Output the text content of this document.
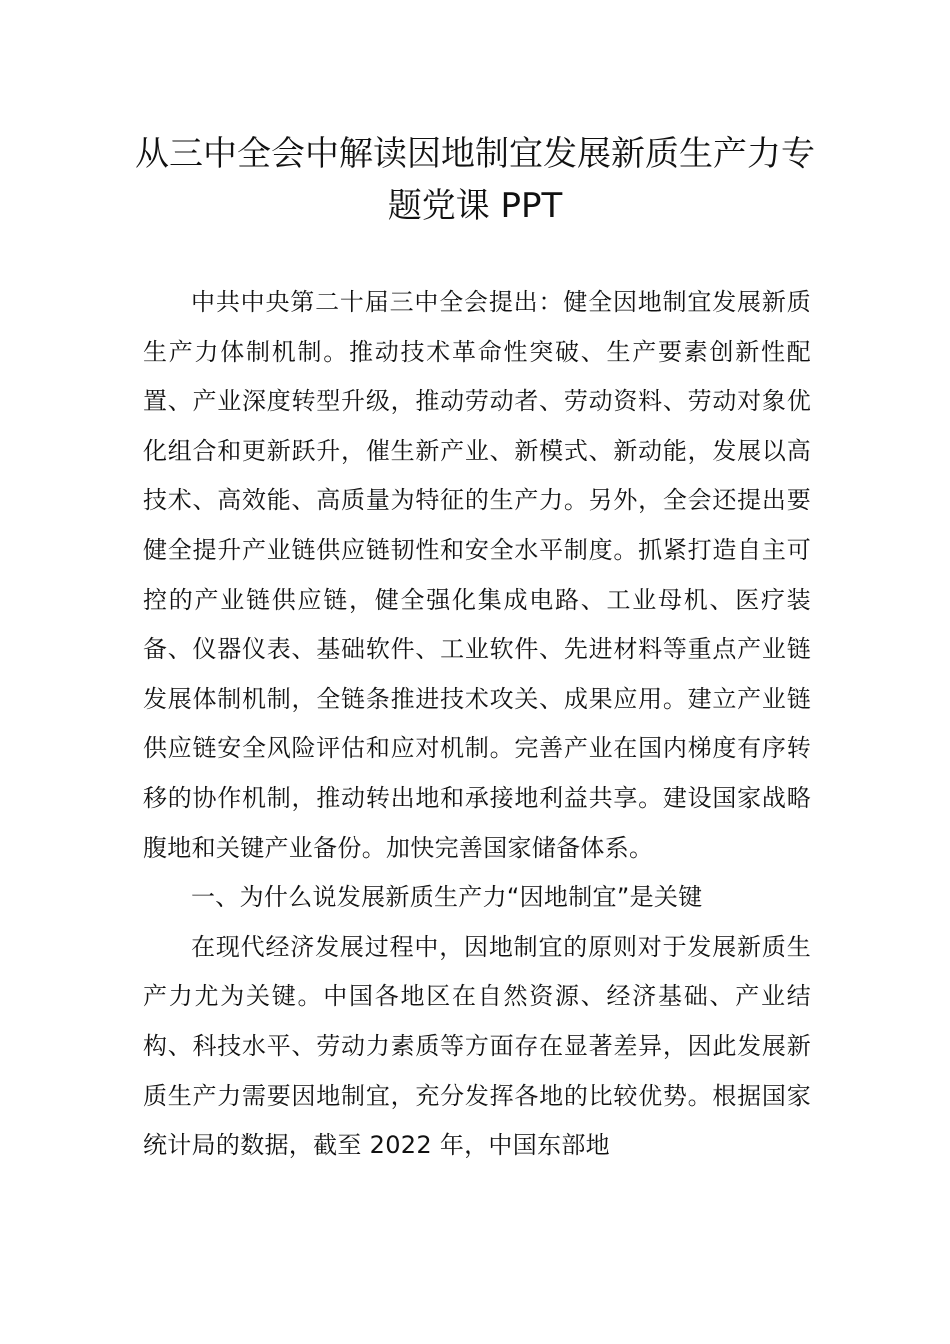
从三中全会中解读因地制宜发展新质生产力专题党课 PPT

中共中央第二十届三中全会提出：健全因地制宜发展新质生产力体制机制。推动技术革命性突破、生产要素创新性配置、产业深度转型升级，推动劳动者、劳动资料、劳动对象优化组合和更新跃升，催生新产业、新模式、新动能，发展以高技术、高效能、高质量为特征的生产力。另外，全会还提出要健全提升产业链供应链韧性和安全水平制度。抓紧打造自主可控的产业链供应链，健全强化集成电路、工业母机、医疗装备、仪器仪表、基础软件、工业软件、先进材料等重点产业链发展体制机制，全链条推进技术攻关、成果应用。建立产业链供应链安全风险评估和应对机制。完善产业在国内梯度有序转移的协作机制，推动转出地和承接地利益共享。建设国家战略腹地和关键产业备份。加快完善国家储备体系。

一、为什么说发展新质生产力“因地制宜”是关键

在现代经济发展过程中，因地制宜的原则对于发展新质生产力尤为关键。中国各地区在自然资源、经济基础、产业结构、科技水平、劳动力素质等方面存在显著差异，因此发展新质生产力需要因地制宜，充分发挥各地的比较优势。根据国家统计局的数据，截至 2022 年，中国东部地
